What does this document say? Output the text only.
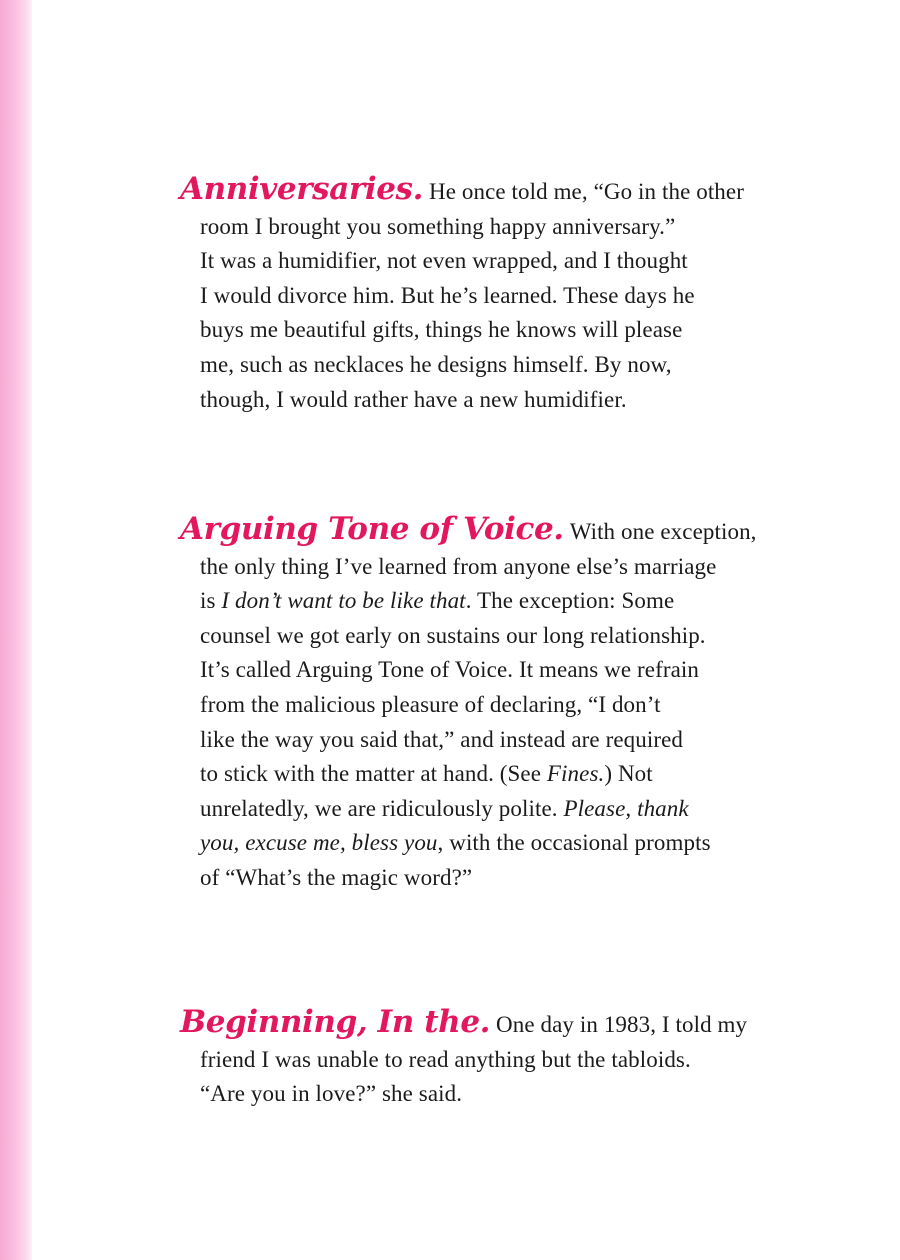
Anniversaries. He once told me, “Go in the other
room I brought you something happy anniversary.”
It was a humidifier, not even wrapped, and I thought
I would divorce him. But he’s learned. These days he
buys me beautiful gifts, things he knows will please
me, such as necklaces he designs himself. By now,
though, I would rather have a new humidifier.
Arguing Tone of Voice. With one exception,
the only thing I’ve learned from anyone else’s marriage
is I don’t want to be like that. The exception: Some
counsel we got early on sustains our long relationship.
It’s called Arguing Tone of Voice. It means we refrain
from the malicious pleasure of declaring, “I don’t
like the way you said that,” and instead are required
to stick with the matter at hand. (See Fines.) Not
unrelatedly, we are ridiculously polite. Please, thank
you, excuse me, bless you, with the occasional prompts
of “What’s the magic word?”
Beginning, In the. One day in 1983, I told my
friend I was unable to read anything but the tabloids.
“Are you in love?” she said.
